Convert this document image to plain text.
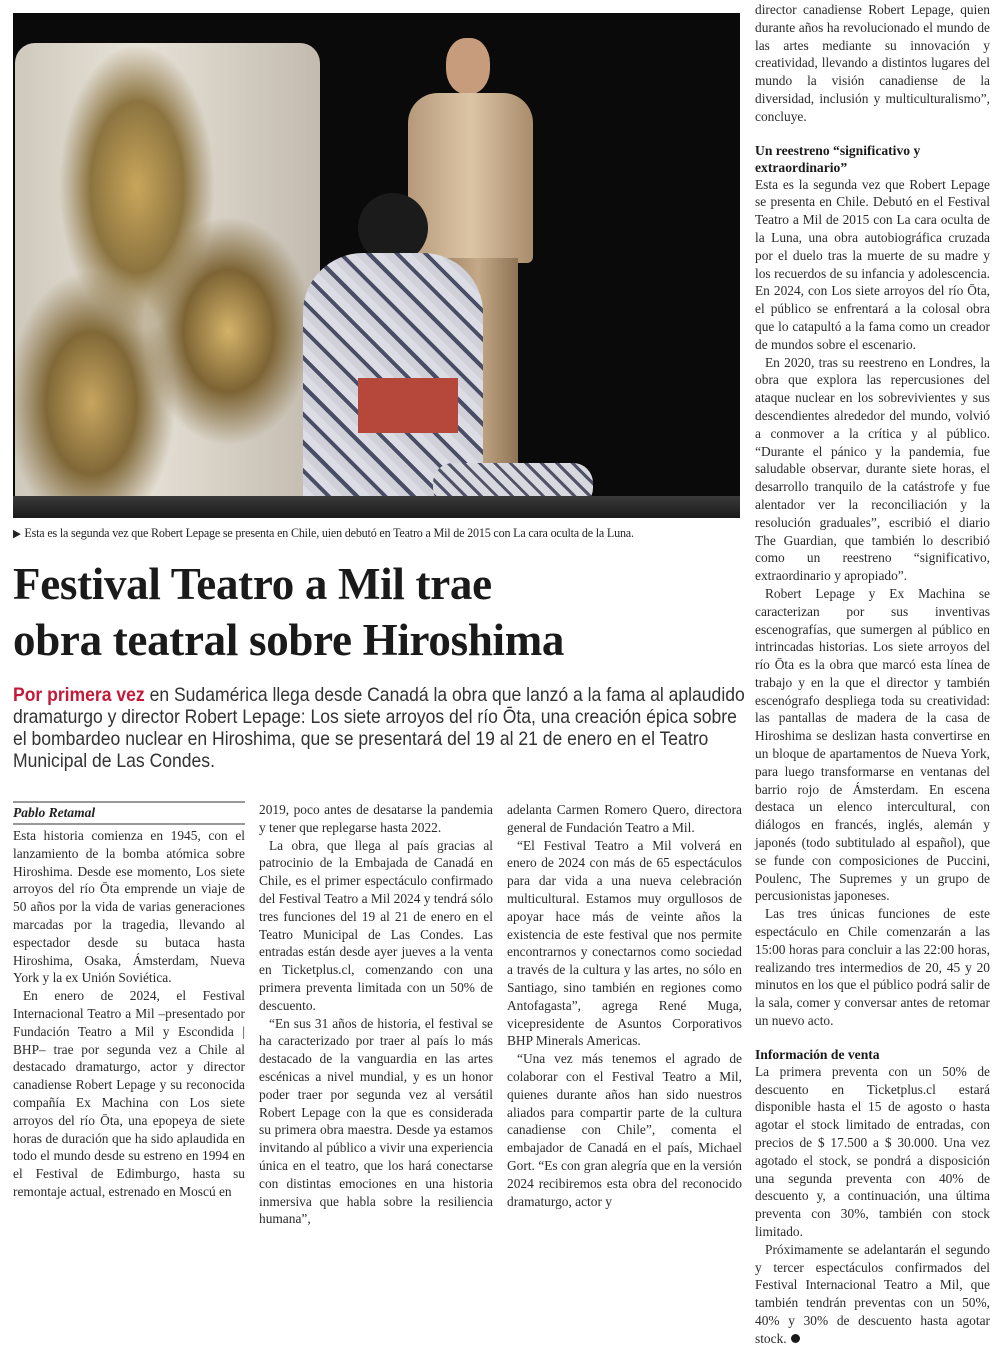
▶ Esta es la segunda vez que Robert Lepage se presenta en Chile, uien debutó en Teatro a Mil de 2015 con La cara oculta de la Luna.
Festival Teatro a Mil trae
obra teatral sobre Hiroshima
Por primera vez en Sudamérica llega desde Canadá la obra que lanzó a la fama al aplaudido dramaturgo y director Robert Lepage: Los siete arroyos del río Ōta, una creación épica sobre el bombardeo nuclear en Hiroshima, que se presentará del 19 al 21 de enero en el Teatro Municipal de Las Condes.
Pablo Retamal

Esta historia comienza en 1945, con el lanzamiento de la bomba atómica sobre Hiroshima. Desde ese momento, Los siete arroyos del río Ōta emprende un viaje de 50 años por la vida de varias generaciones marcadas por la tragedia, llevando al espectador desde su butaca hasta Hiroshima, Osaka, Ámsterdam, Nueva York y la ex Unión Soviética.

En enero de 2024, el Festival Internacional Teatro a Mil –presentado por Fundación Teatro a Mil y Escondida | BHP– trae por segunda vez a Chile al destacado dramaturgo, actor y director canadiense Robert Lepage y su reconocida compañía Ex Machina con Los siete arroyos del río Ōta, una epopeya de siete horas de duración que ha sido aplaudida en todo el mundo desde su estreno en 1994 en el Festival de Edimburgo, hasta su remontaje actual, estrenado en Moscú en

2019, poco antes de desatarse la pandemia y tener que replegarse hasta 2022.

La obra, que llega al país gracias al patrocinio de la Embajada de Canadá en Chile, es el primer espectáculo confirmado del Festival Teatro a Mil 2024 y tendrá sólo tres funciones del 19 al 21 de enero en el Teatro Municipal de Las Condes. Las entradas están desde ayer jueves a la venta en Ticketplus.cl, comenzando con una primera preventa limitada con un 50% de descuento.

“En sus 31 años de historia, el festival se ha caracterizado por traer al país lo más destacado de la vanguardia en las artes escénicas a nivel mundial, y es un honor poder traer por segunda vez al versátil Robert Lepage con la que es considerada su primera obra maestra. Desde ya estamos invitando al público a vivir una experiencia única en el teatro, que los hará conectarse con distintas emociones en una historia inmersiva que habla sobre la resiliencia humana”,

adelanta Carmen Romero Quero, directora general de Fundación Teatro a Mil.

“El Festival Teatro a Mil volverá en enero de 2024 con más de 65 espectáculos para dar vida a una nueva celebración multicultural. Estamos muy orgullosos de apoyar hace más de veinte años la existencia de este festival que nos permite encontrarnos y conectarnos como sociedad a través de la cultura y las artes, no sólo en Santiago, sino también en regiones como Antofagasta”, agrega René Muga, vicepresidente de Asuntos Corporativos BHP Minerals Americas.

“Una vez más tenemos el agrado de colaborar con el Festival Teatro a Mil, quienes durante años han sido nuestros aliados para compartir parte de la cultura canadiense con Chile”, comenta el embajador de Canadá en el país, Michael Gort. “Es con gran alegría que en la versión 2024 recibiremos esta obra del reconocido dramaturgo, actor y

director canadiense Robert Lepage, quien durante años ha revolucionado el mundo de las artes mediante su innovación y creatividad, llevando a distintos lugares del mundo la visión canadiense de la diversidad, inclusión y multiculturalismo”, concluye.

Un reestreno “significativo y extraordinario”

Esta es la segunda vez que Robert Lepage se presenta en Chile. Debutó en el Festival Teatro a Mil de 2015 con La cara oculta de la Luna, una obra autobiográfica cruzada por el duelo tras la muerte de su madre y los recuerdos de su infancia y adolescencia. En 2024, con Los siete arroyos del río Ōta, el público se enfrentará a la colosal obra que lo catapultó a la fama como un creador de mundos sobre el escenario.

En 2020, tras su reestreno en Londres, la obra que explora las repercusiones del ataque nuclear en los sobrevivientes y sus descendientes alrededor del mundo, volvió a conmover a la crítica y al público. “Durante el pánico y la pandemia, fue saludable observar, durante siete horas, el desarrollo tranquilo de la catástrofe y fue alentador ver la reconciliación y la resolución graduales”, escribió el diario The Guardian, que también lo describió como un reestreno “significativo, extraordinario y apropiado”.

Robert Lepage y Ex Machina se caracterizan por sus inventivas escenografías, que sumergen al público en intrincadas historias. Los siete arroyos del río Ōta es la obra que marcó esta línea de trabajo y en la que el director y también escenógrafo despliega toda su creatividad: las pantallas de madera de la casa de Hiroshima se deslizan hasta convertirse en un bloque de apartamentos de Nueva York, para luego transformarse en ventanas del barrio rojo de Ámsterdam. En escena destaca un elenco intercultural, con diálogos en francés, inglés, alemán y japonés (todo subtitulado al español), que se funde con composiciones de Puccini, Poulenc, The Supremes y un grupo de percusionistas japoneses.

Las tres únicas funciones de este espectáculo en Chile comenzarán a las 15:00 horas para concluir a las 22:00 horas, realizando tres intermedios de 20, 45 y 20 minutos en los que el público podrá salir de la sala, comer y conversar antes de retomar un nuevo acto.

Información de venta

La primera preventa con un 50% de descuento en Ticketplus.cl estará disponible hasta el 15 de agosto o hasta agotar el stock limitado de entradas, con precios de $ 17.500 a $ 30.000. Una vez agotado el stock, se pondrá a disposición una segunda preventa con 40% de descuento y, a continuación, una última preventa con 30%, también con stock limitado.

Próximamente se adelantarán el segundo y tercer espectáculos confirmados del Festival Internacional Teatro a Mil, que también tendrán preventas con un 50%, 40% y 30% de descuento hasta agotar stock.
